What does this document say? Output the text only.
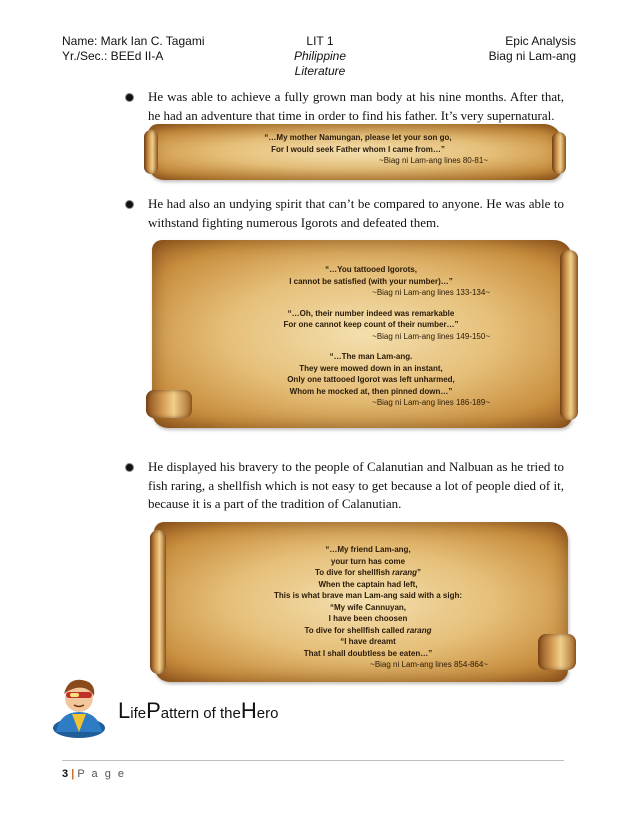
Name: Mark Ian C. Tagami
Yr./Sec.: BEEd II-A
LIT 1
Philippine Literature
Epic Analysis
Biag ni Lam-ang
He was able to achieve a fully grown man body at his nine months. After that, he had an adventure that time in order to find his father. It’s very supernatural.
“…My mother Namungan, please let your son go,
For I would seek Father whom I came from…”
~Biag ni Lam-ang lines 80-81~
He had also an undying spirit that can’t be compared to anyone. He was able to withstand fighting numerous Igorots and defeated them.
“…You tattooed Igorots,
I cannot be satisfied (with your number)…”
~Biag ni Lam-ang lines 133-134~
“…Oh, their number indeed was remarkable
For one cannot keep count of their number…”
~Biag ni Lam-ang lines 149-150~
“…The man Lam-ang.
They were mowed down in an instant,
Only one tattooed Igorot was left unharmed,
Whom he mocked at, then pinned down…”
~Biag ni Lam-ang lines 186-189~
He displayed his bravery to the people of Calanutian and Nalbuan as he tried to fish raring, a shellfish which is not easy to get because a lot of people died of it, because it is a part of the tradition of Calanutian.
“…My friend Lam-ang,
your turn has come
To dive for shellfish rarang”
When the captain had left,
This is what brave man Lam-ang said with a sigh:
“My wife Cannuyan,
I have been choosen
To dive for shellfish called rarang
“I have dreamt
That I shall doubtless be eaten…”
~Biag ni Lam-ang lines 854-864~
LifePattern of theHero
3 | P a g e
